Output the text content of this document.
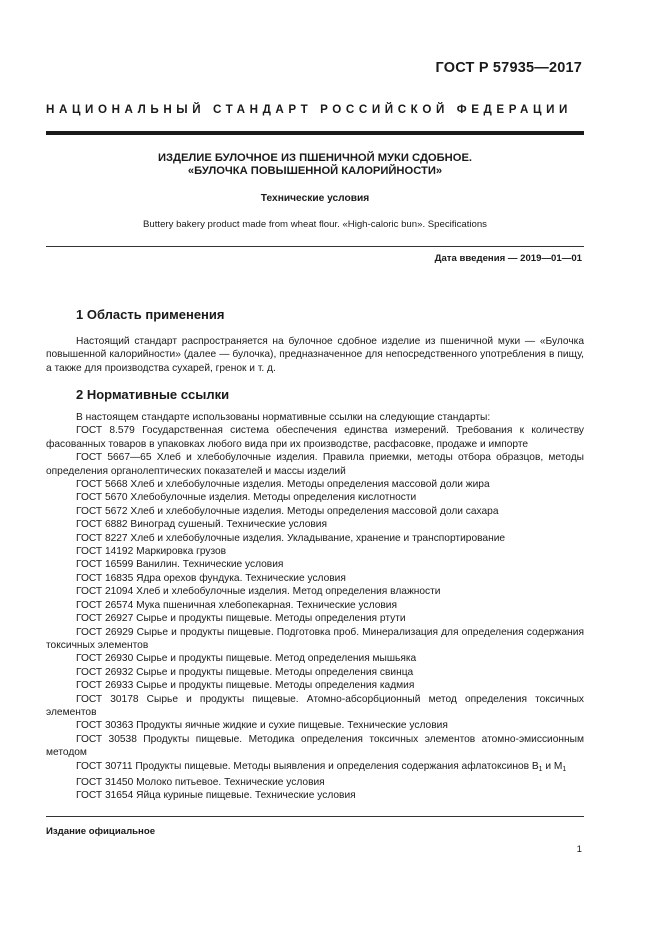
ГОСТ Р 57935—2017
НАЦИОНАЛЬНЫЙ СТАНДАРТ РОССИЙСКОЙ ФЕДЕРАЦИИ
ИЗДЕЛИЕ БУЛОЧНОЕ ИЗ ПШЕНИЧНОЙ МУКИ СДОБНОЕ.
«БУЛОЧКА ПОВЫШЕННОЙ КАЛОРИЙНОСТИ»
Технические условия
Buttery bakery product made from wheat flour. «High-caloric bun». Specifications
Дата введения — 2019—01—01
1 Область применения
Настоящий стандарт распространяется на булочное сдобное изделие из пшеничной муки — «Булочка повышенной калорийности» (далее — булочка), предназначенное для непосредственного употребления в пищу, а также для производства сухарей, гренок и т. д.
2 Нормативные ссылки
В настоящем стандарте использованы нормативные ссылки на следующие стандарты:
ГОСТ 8.579 Государственная система обеспечения единства измерений. Требования к количеству фасованных товаров в упаковках любого вида при их производстве, расфасовке, продаже и импорте
ГОСТ 5667—65 Хлеб и хлебобулочные изделия. Правила приемки, методы отбора образцов, методы определения органолептических показателей и массы изделий
ГОСТ 5668 Хлеб и хлебобулочные изделия. Методы определения массовой доли жира
ГОСТ 5670 Хлебобулочные изделия. Методы определения кислотности
ГОСТ 5672 Хлеб и хлебобулочные изделия. Методы определения массовой доли сахара
ГОСТ 6882 Виноград сушеный. Технические условия
ГОСТ 8227 Хлеб и хлебобулочные изделия. Укладывание, хранение и транспортирование
ГОСТ 14192 Маркировка грузов
ГОСТ 16599 Ванилин. Технические условия
ГОСТ 16835 Ядра орехов фундука. Технические условия
ГОСТ 21094 Хлеб и хлебобулочные изделия. Метод определения влажности
ГОСТ 26574 Мука пшеничная хлебопекарная. Технические условия
ГОСТ 26927 Сырье и продукты пищевые. Методы определения ртути
ГОСТ 26929 Сырье и продукты пищевые. Подготовка проб. Минерализация для определения содержания токсичных элементов
ГОСТ 26930 Сырье и продукты пищевые. Метод определения мышьяка
ГОСТ 26932 Сырье и продукты пищевые. Методы определения свинца
ГОСТ 26933 Сырье и продукты пищевые. Методы определения кадмия
ГОСТ 30178 Сырье и продукты пищевые. Атомно-абсорбционный метод определения токсичных элементов
ГОСТ 30363 Продукты яичные жидкие и сухие пищевые. Технические условия
ГОСТ 30538 Продукты пищевые. Методика определения токсичных элементов атомно-эмиссионным методом
ГОСТ 30711 Продукты пищевые. Методы выявления и определения содержания афлатоксинов $B_1$ и $M_1$
ГОСТ 31450 Молоко питьевое. Технические условия
ГОСТ 31654 Яйца куриные пищевые. Технические условия
Издание официальное
1
